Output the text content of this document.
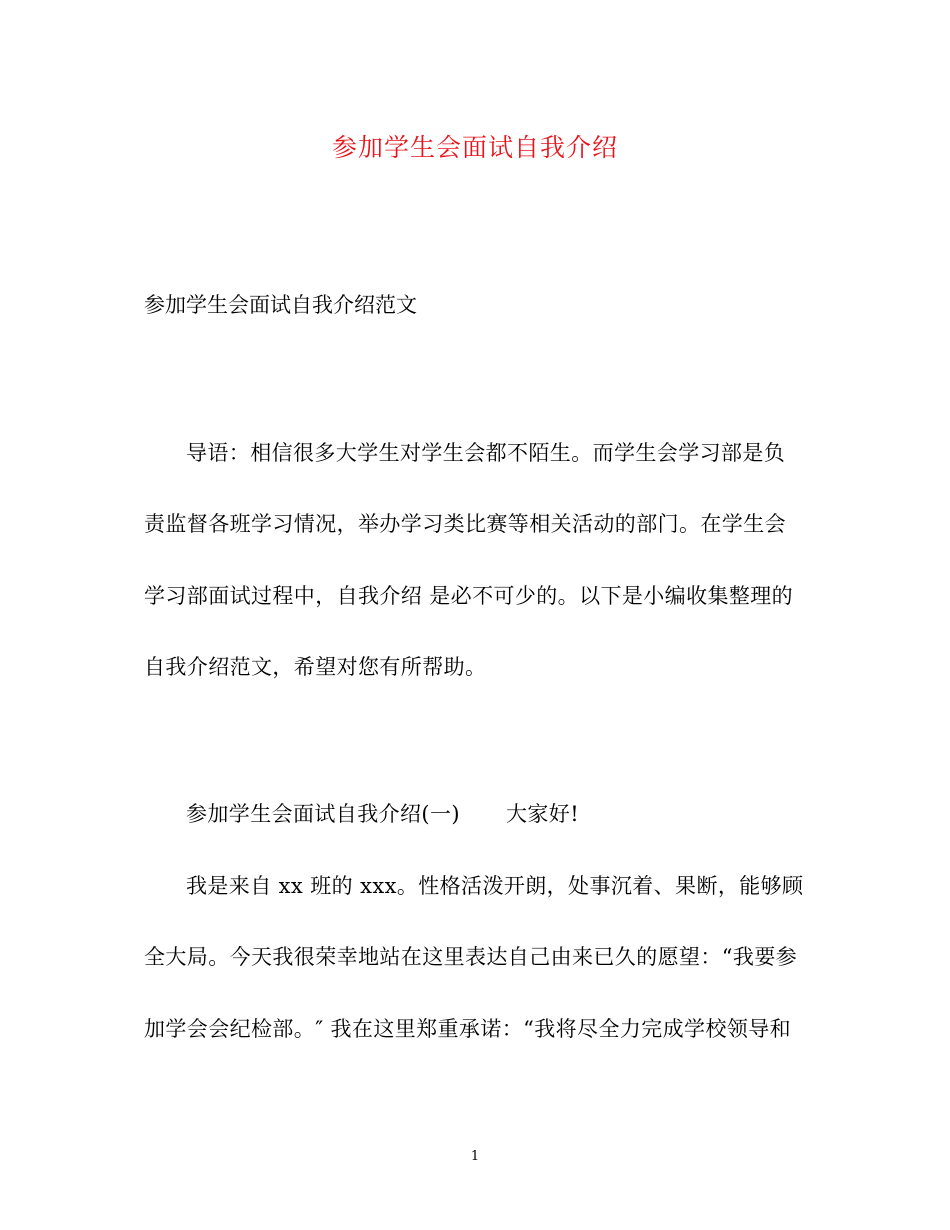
参加学生会面试自我介绍
参加学生会面试自我介绍范文
导语：相信很多大学生对学生会都不陌生。而学生会学习部是负
责监督各班学习情况，举办学习类比赛等相关活动的部门。在学生会
学习部面试过程中，自我介绍 是必不可少的。以下是小编收集整理的
自我介绍范文，希望对您有所帮助。
参加学生会面试自我介绍(一) 大家好!
我是来自 xx 班的 xxx。性格活泼开朗，处事沉着、果断，能够顾
全大局。今天我很荣幸地站在这里表达自己由来已久的愿望：“我要参
加学会会纪检部。″ 我在这里郑重承诺：“我将尽全力完成学校领导和
1
